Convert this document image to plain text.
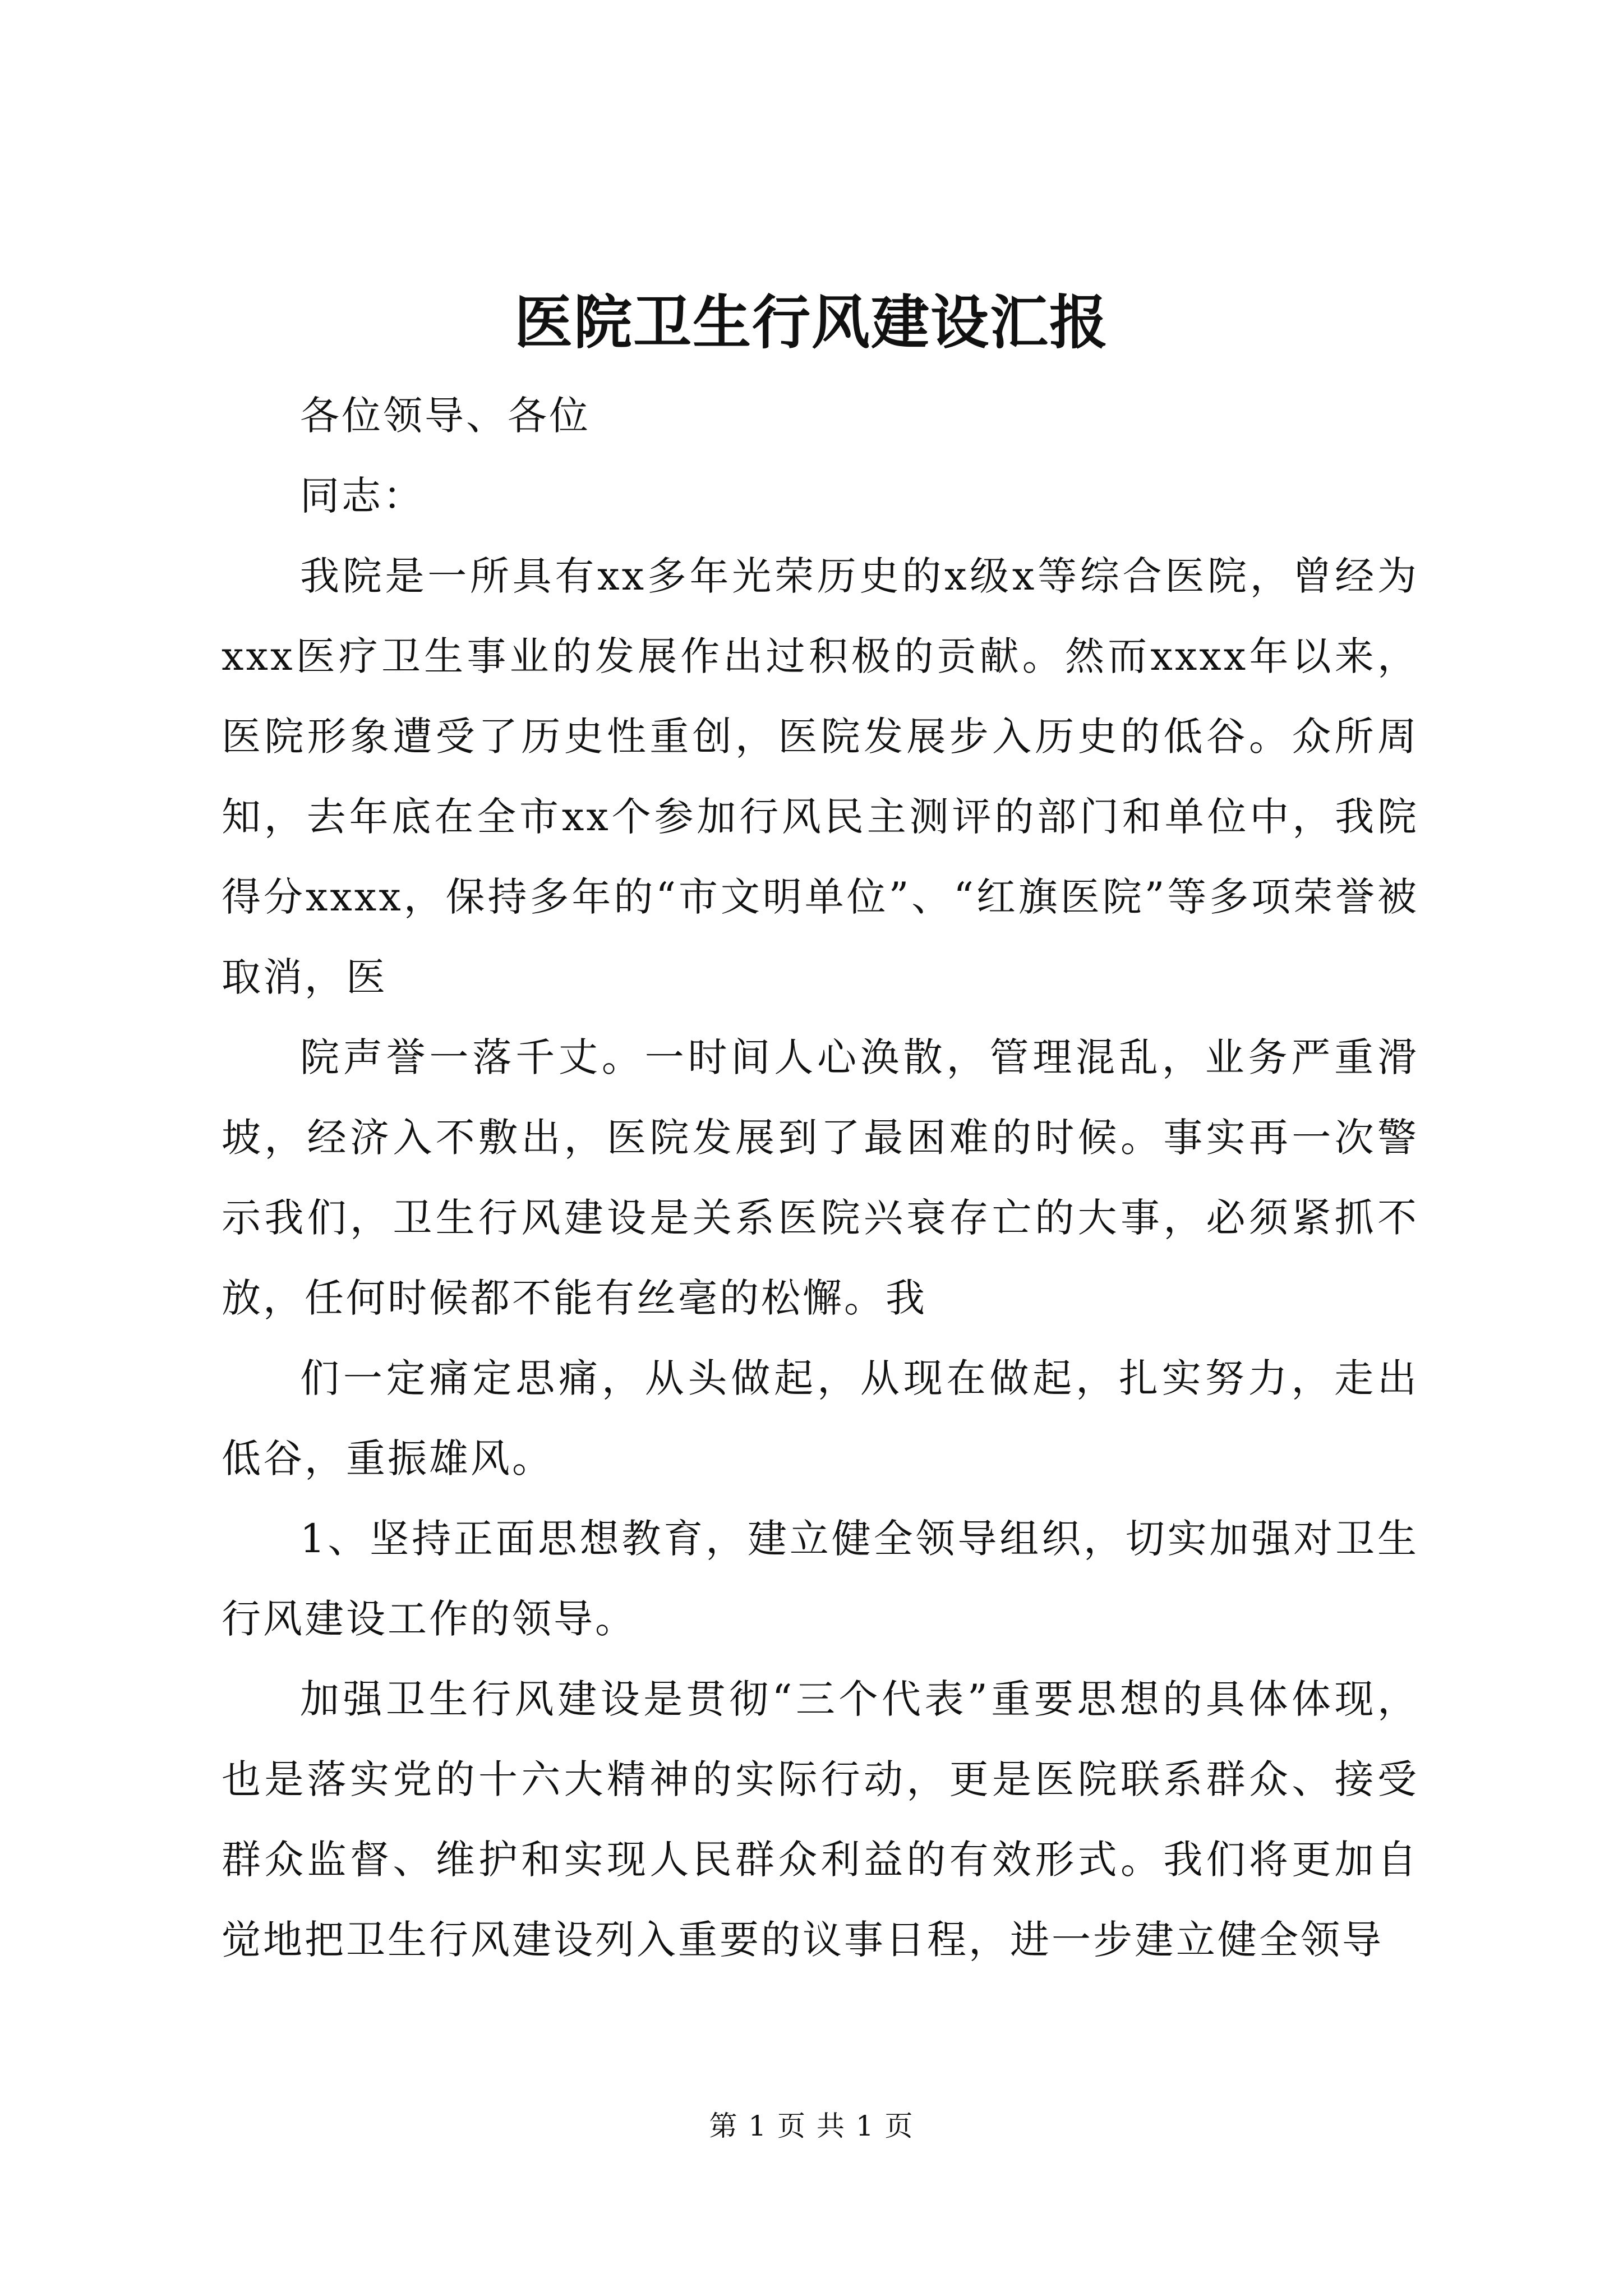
医院卫生行风建设汇报

各位领导、各位

同志：

我院是一所具有xx多年光荣历史的x级x等综合医院，曾经为xxx医疗卫生事业的发展作出过积极的贡献。然而xxxx年以来，医院形象遭受了历史性重创，医院发展步入历史的低谷。众所周知，去年底在全市xx个参加行风民主测评的部门和单位中，我院得分xxxx，保持多年的“市文明单位”、“红旗医院”等多项荣誉被取消，医

院声誉一落千丈。一时间人心涣散，管理混乱，业务严重滑坡，经济入不敷出，医院发展到了最困难的时候。事实再一次警示我们，卫生行风建设是关系医院兴衰存亡的大事，必须紧抓不放，任何时候都不能有丝毫的松懈。我

们一定痛定思痛，从头做起，从现在做起，扎实努力，走出低谷，重振雄风。

1、坚持正面思想教育，建立健全领导组织，切实加强对卫生行风建设工作的领导。

加强卫生行风建设是贯彻“三个代表”重要思想的具体体现，也是落实党的十六大精神的实际行动，更是医院联系群众、接受群众监督、维护和实现人民群众利益的有效形式。我们将更加自觉地把卫生行风建设列入重要的议事日程，进一步建立健全领导

第 1 页 共 1 页
